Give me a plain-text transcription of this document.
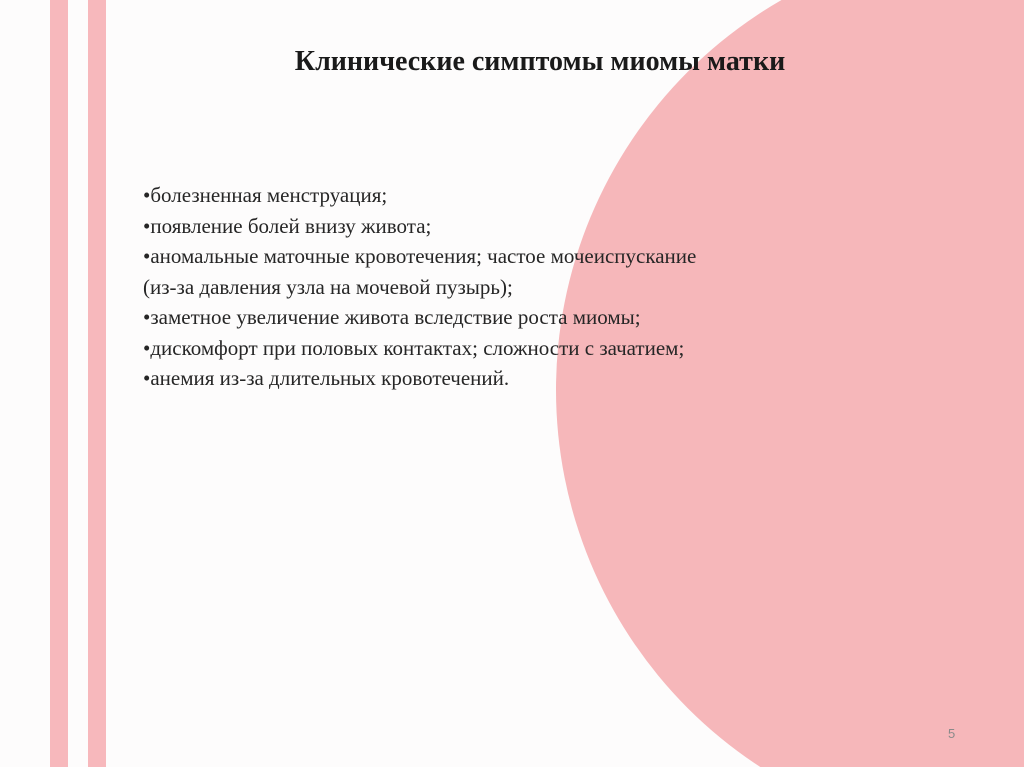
Клинические симптомы миомы матки
•болезненная менструация;
•появление болей внизу живота;
•аномальные маточные кровотечения; частое мочеиспускание (из-за давления узла на мочевой пузырь);
•заметное увеличение живота вследствие роста миомы;
•дискомфорт при половых контактах; сложности с зачатием;
•анемия из-за длительных кровотечений.
5
